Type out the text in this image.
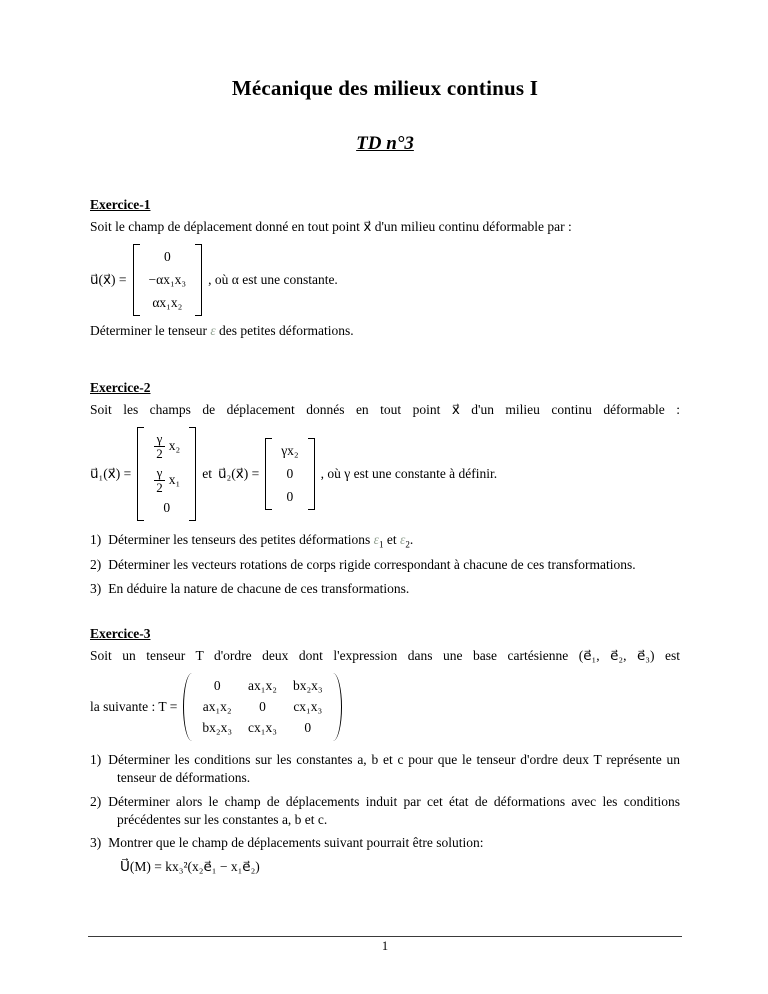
Mécanique des milieux continus I
TD n°3
Exercice-1

Soit le champ de déplacement donné en tout point x⃗ d'un milieu continu déformable par :

u⃗(x⃗) =
0
−αx₁x₃
αx₁x₂
, où α est une constante.

Déterminer le tenseur ε des petites déformations.

Exercice-2

Soit les champs de déplacement donnés en tout point x⃗ d'un milieu continu déformable :

u⃗₁(x⃗) =
$\frac{\gamma}{2} x_2$
$\frac{\gamma}{2} x_1$
0
et u⃗₂(x⃗) =
γx₂
0
0
, où γ est une constante à définir.
1) Déterminer les tenseurs des petites déformations $\varepsilon_1$ et $\varepsilon_2$.
2) Déterminer les vecteurs rotations de corps rigide correspondant à chacune de ces transformations.
3) En déduire la nature de chacune de ces transformations.
Exercice-3

Soit un tenseur T d'ordre deux dont l'expression dans une base cartésienne (e⃗₁, e⃗₂, e⃗₃) est

la suivante : T =
0 ax₁x₂ bx₂x₃
ax₁x₂ 0 cx₁x₃
bx₂x₃ cx₁x₃ 0
1) Déterminer les conditions sur les constantes a, b et c pour que le tenseur d'ordre deux T représente un tenseur de déformations.
2) Déterminer alors le champ de déplacements induit par cet état de déformations avec les conditions précédentes sur les constantes a, b et c.
3) Montrer que le champ de déplacements suivant pourrait être solution:
U⃗(M) = kx₃²(x₂e⃗₁ − x₁e⃗₂)
1
